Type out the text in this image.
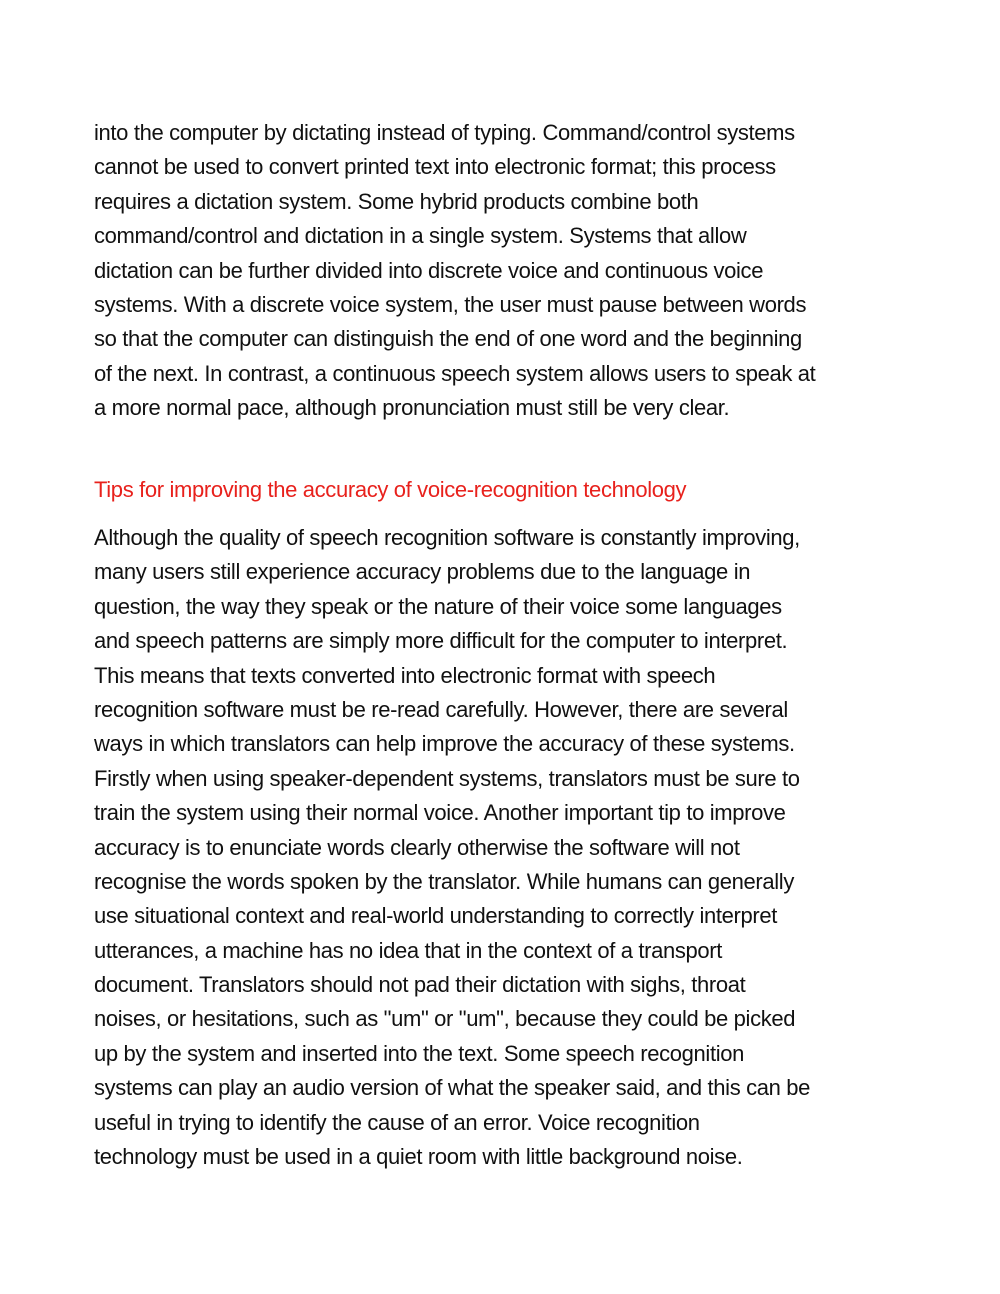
into the computer by dictating instead of typing. Command/control systems
cannot be used to convert printed text into electronic format; this process
requires a dictation system. Some hybrid products combine both
command/control and dictation in a single system. Systems that allow
dictation can be further divided into discrete voice and continuous voice
systems. With a discrete voice system, the user must pause between words
so that the computer can distinguish the end of one word and the beginning
of the next. In contrast, a continuous speech system allows users to speak at
a more normal pace, although pronunciation must still be very clear.
Tips for improving the accuracy of voice-recognition technology
Although the quality of speech recognition software is constantly improving,
many users still experience accuracy problems due to the language in
question, the way they speak or the nature of their voice some languages
and speech patterns are simply more difficult for the computer to interpret.
This means that texts converted into electronic format with speech
recognition software must be re-read carefully. However, there are several
ways in which translators can help improve the accuracy of these systems.
Firstly when using speaker-dependent systems, translators must be sure to
train the system using their normal voice. Another important tip to improve
accuracy is to enunciate words clearly otherwise the software will not
recognise the words spoken by the translator. While humans can generally
use situational context and real-world understanding to correctly interpret
utterances, a machine has no idea that in the context of a transport
document. Translators should not pad their dictation with sighs, throat
noises, or hesitations, such as "um" or "um", because they could be picked
up by the system and inserted into the text. Some speech recognition
systems can play an audio version of what the speaker said, and this can be
useful in trying to identify the cause of an error. Voice recognition
technology must be used in a quiet room with little background noise.
